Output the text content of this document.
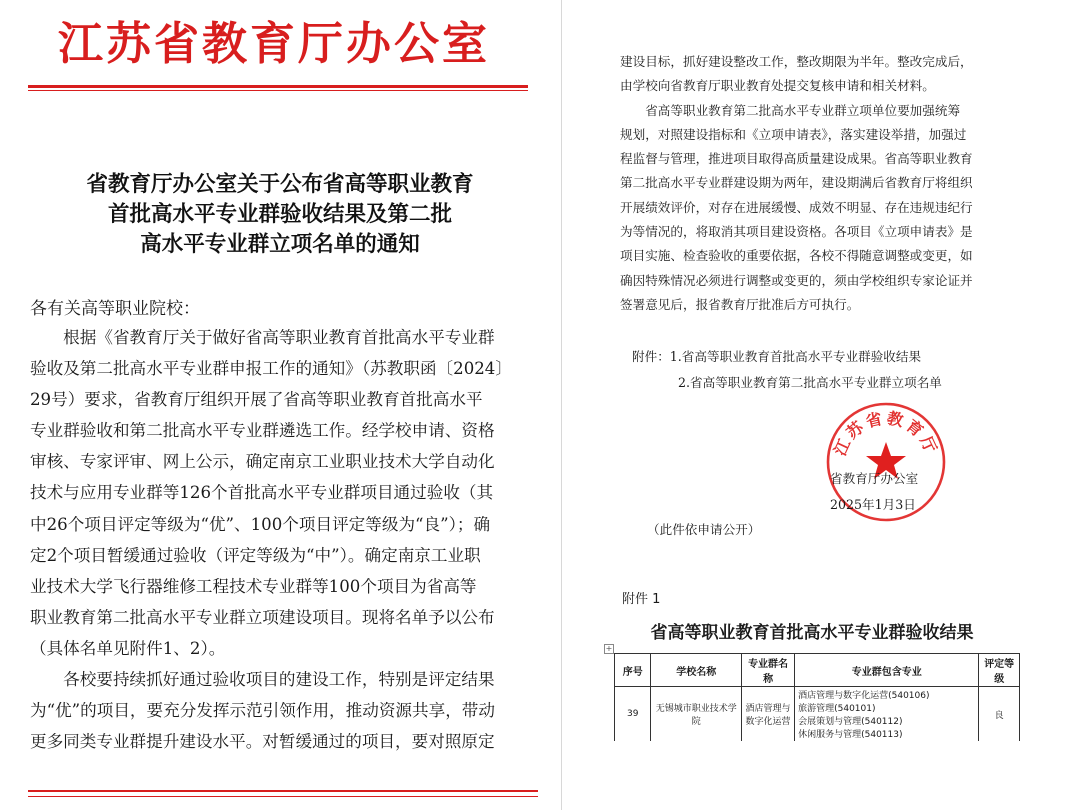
江苏省教育厅办公室
省教育厅办公室关于公布省高等职业教育
首批高水平专业群验收结果及第二批
高水平专业群立项名单的通知
各有关高等职业院校：
　　根据《省教育厅关于做好省高等职业教育首批高水平专业群
验收及第二批高水平专业群申报工作的通知》（苏教职函〔2024〕
29号）要求，省教育厅组织开展了省高等职业教育首批高水平
专业群验收和第二批高水平专业群遴选工作。经学校申请、资格
审核、专家评审、网上公示，确定南京工业职业技术大学自动化
技术与应用专业群等126个首批高水平专业群项目通过验收（其
中26个项目评定等级为“优”、100个项目评定等级为“良”）；确
定2个项目暂缓通过验收（评定等级为“中”）。确定南京工业职
业技术大学飞行器维修工程技术专业群等100个项目为省高等
职业教育第二批高水平专业群立项建设项目。现将名单予以公布
（具体名单见附件1、2）。
　　各校要持续抓好通过验收项目的建设工作，特别是评定结果
为“优”的项目，要充分发挥示范引领作用，推动资源共享，带动
更多同类专业群提升建设水平。对暂缓通过的项目，要对照原定
建设目标，抓好建设整改工作，整改期限为半年。整改完成后，
由学校向省教育厅职业教育处提交复核申请和相关材料。
　　省高等职业教育第二批高水平专业群立项单位要加强统筹
规划，对照建设指标和《立项申请表》，落实建设举措，加强过
程监督与管理，推进项目取得高质量建设成果。省高等职业教育
第二批高水平专业群建设期为两年，建设期满后省教育厅将组织
开展绩效评价，对存在进展缓慢、成效不明显、存在违规违纪行
为等情况的，将取消其项目建设资格。各项目《立项申请表》是
项目实施、检查验收的重要依据，各校不得随意调整或变更，如
确因特殊情况必须进行调整或变更的，须由学校组织专家论证并
签署意见后，报省教育厅批准后方可执行。
附件：1.省高等职业教育首批高水平专业群验收结果
2.省高等职业教育第二批高水平专业群立项名单
江苏省教育厅
省教育厅办公室
2025年1月3日
（此件依申请公开）
附件 1
省高等职业教育首批高水平专业群验收结果
+
序号	学校名称	专业群名称	专业群包含专业	评定等级
39	无锡城市职业技术学院	酒店管理与数字化运营	酒店管理与数字化运营(540106)
旅游管理(540101)
会展策划与管理(540112)
休闲服务与管理(540113)	良
